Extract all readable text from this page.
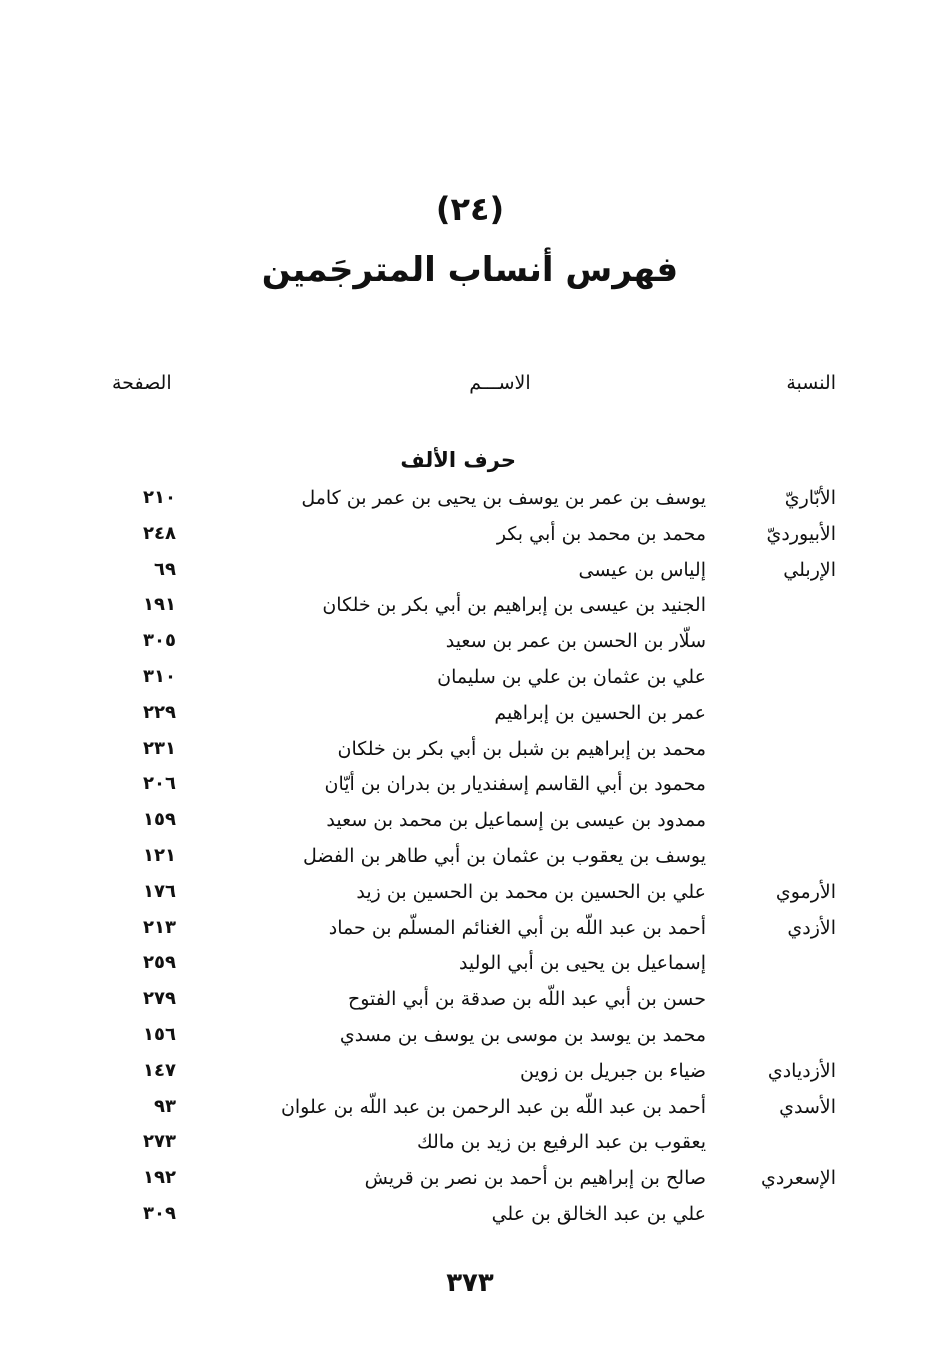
(٢٤)
فهرس أنساب المترجَمين
النسبة
الاســـم
الصفحة
حرف الألف
الأبّاريّ
يوسف بن عمر بن يوسف بن يحيى بن عمر بن كامل
٢١٠
الأبيورديّ
محمد بن محمد بن أبي بكر
٢٤٨
الإربلي
إلياس بن عيسى
٦٩
الجنيد بن عيسى بن إبراهيم بن أبي بكر بن خلكان
١٩١
سلّار بن الحسن بن عمر بن سعيد
٣٠٥
علي بن عثمان بن علي بن سليمان
٣١٠
عمر بن الحسين بن إبراهيم
٢٢٩
محمد بن إبراهيم بن شبل بن أبي بكر بن خلكان
٢٣١
محمود بن أبي القاسم إسفنديار بن بدران بن أيّان
٢٠٦
ممدود بن عيسى بن إسماعيل بن محمد بن سعيد
١٥٩
يوسف بن يعقوب بن عثمان بن أبي طاهر بن الفضل
١٢١
الأرموي
علي بن الحسين بن محمد بن الحسين بن زيد
١٧٦
الأزدي
أحمد بن عبد اللّه بن أبي الغنائم المسلّم بن حماد
٢١٣
إسماعيل بن يحيى بن أبي الوليد
٢٥٩
حسن بن أبي عبد اللّه بن صدقة بن أبي الفتوح
٢٧٩
محمد بن يوسد بن موسى بن يوسف بن مسدي
١٥٦
الأزديادي
ضياء بن جبريل بن زوين
١٤٧
الأسدي
أحمد بن عبد اللّه بن عبد الرحمن بن عبد اللّه بن علوان
٩٣
يعقوب بن عبد الرفيع بن زيد بن مالك
٢٧٣
الإسعردي
صالح بن إبراهيم بن أحمد بن نصر بن قريش
١٩٢
علي بن عبد الخالق بن علي
٣٠٩
٣٧٣
